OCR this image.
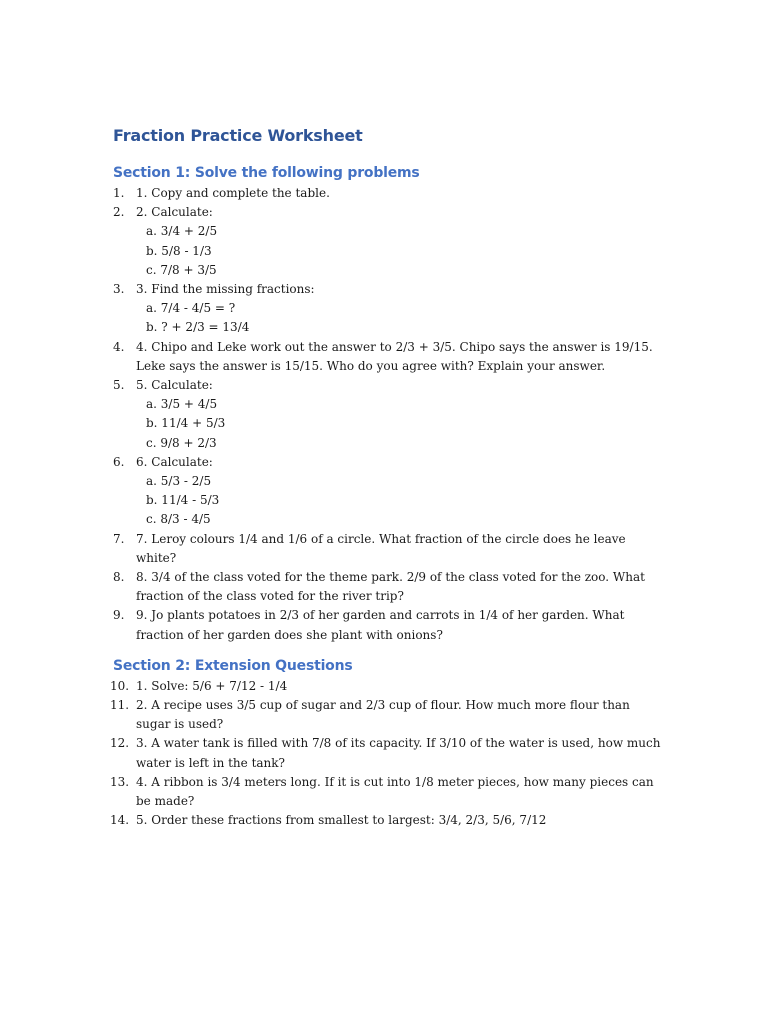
Fraction Practice Worksheet
Section 1: Solve the following problems
1. 1. Copy and complete the table.
2. 2. Calculate:
a. 3/4 + 2/5
b. 5/8 - 1/3
c. 7/8 + 3/5
3. 3. Find the missing fractions:
a. 7/4 - 4/5 = ?
b. ? + 2/3 = 13/4
4. 4. Chipo and Leke work out the answer to 2/3 + 3/5. Chipo says the answer is 19/15. Leke says the answer is 15/15. Who do you agree with? Explain your answer.
5. 5. Calculate:
a. 3/5 + 4/5
b. 11/4 + 5/3
c. 9/8 + 2/3
6. 6. Calculate:
a. 5/3 - 2/5
b. 11/4 - 5/3
c. 8/3 - 4/5
7. 7. Leroy colours 1/4 and 1/6 of a circle. What fraction of the circle does he leave white?
8. 8. 3/4 of the class voted for the theme park. 2/9 of the class voted for the zoo. What fraction of the class voted for the river trip?
9. 9. Jo plants potatoes in 2/3 of her garden and carrots in 1/4 of her garden. What fraction of her garden does she plant with onions?
Section 2: Extension Questions
10. 1. Solve: 5/6 + 7/12 - 1/4
11. 2. A recipe uses 3/5 cup of sugar and 2/3 cup of flour. How much more flour than sugar is used?
12. 3. A water tank is filled with 7/8 of its capacity. If 3/10 of the water is used, how much water is left in the tank?
13. 4. A ribbon is 3/4 meters long. If it is cut into 1/8 meter pieces, how many pieces can be made?
14. 5. Order these fractions from smallest to largest: 3/4, 2/3, 5/6, 7/12
